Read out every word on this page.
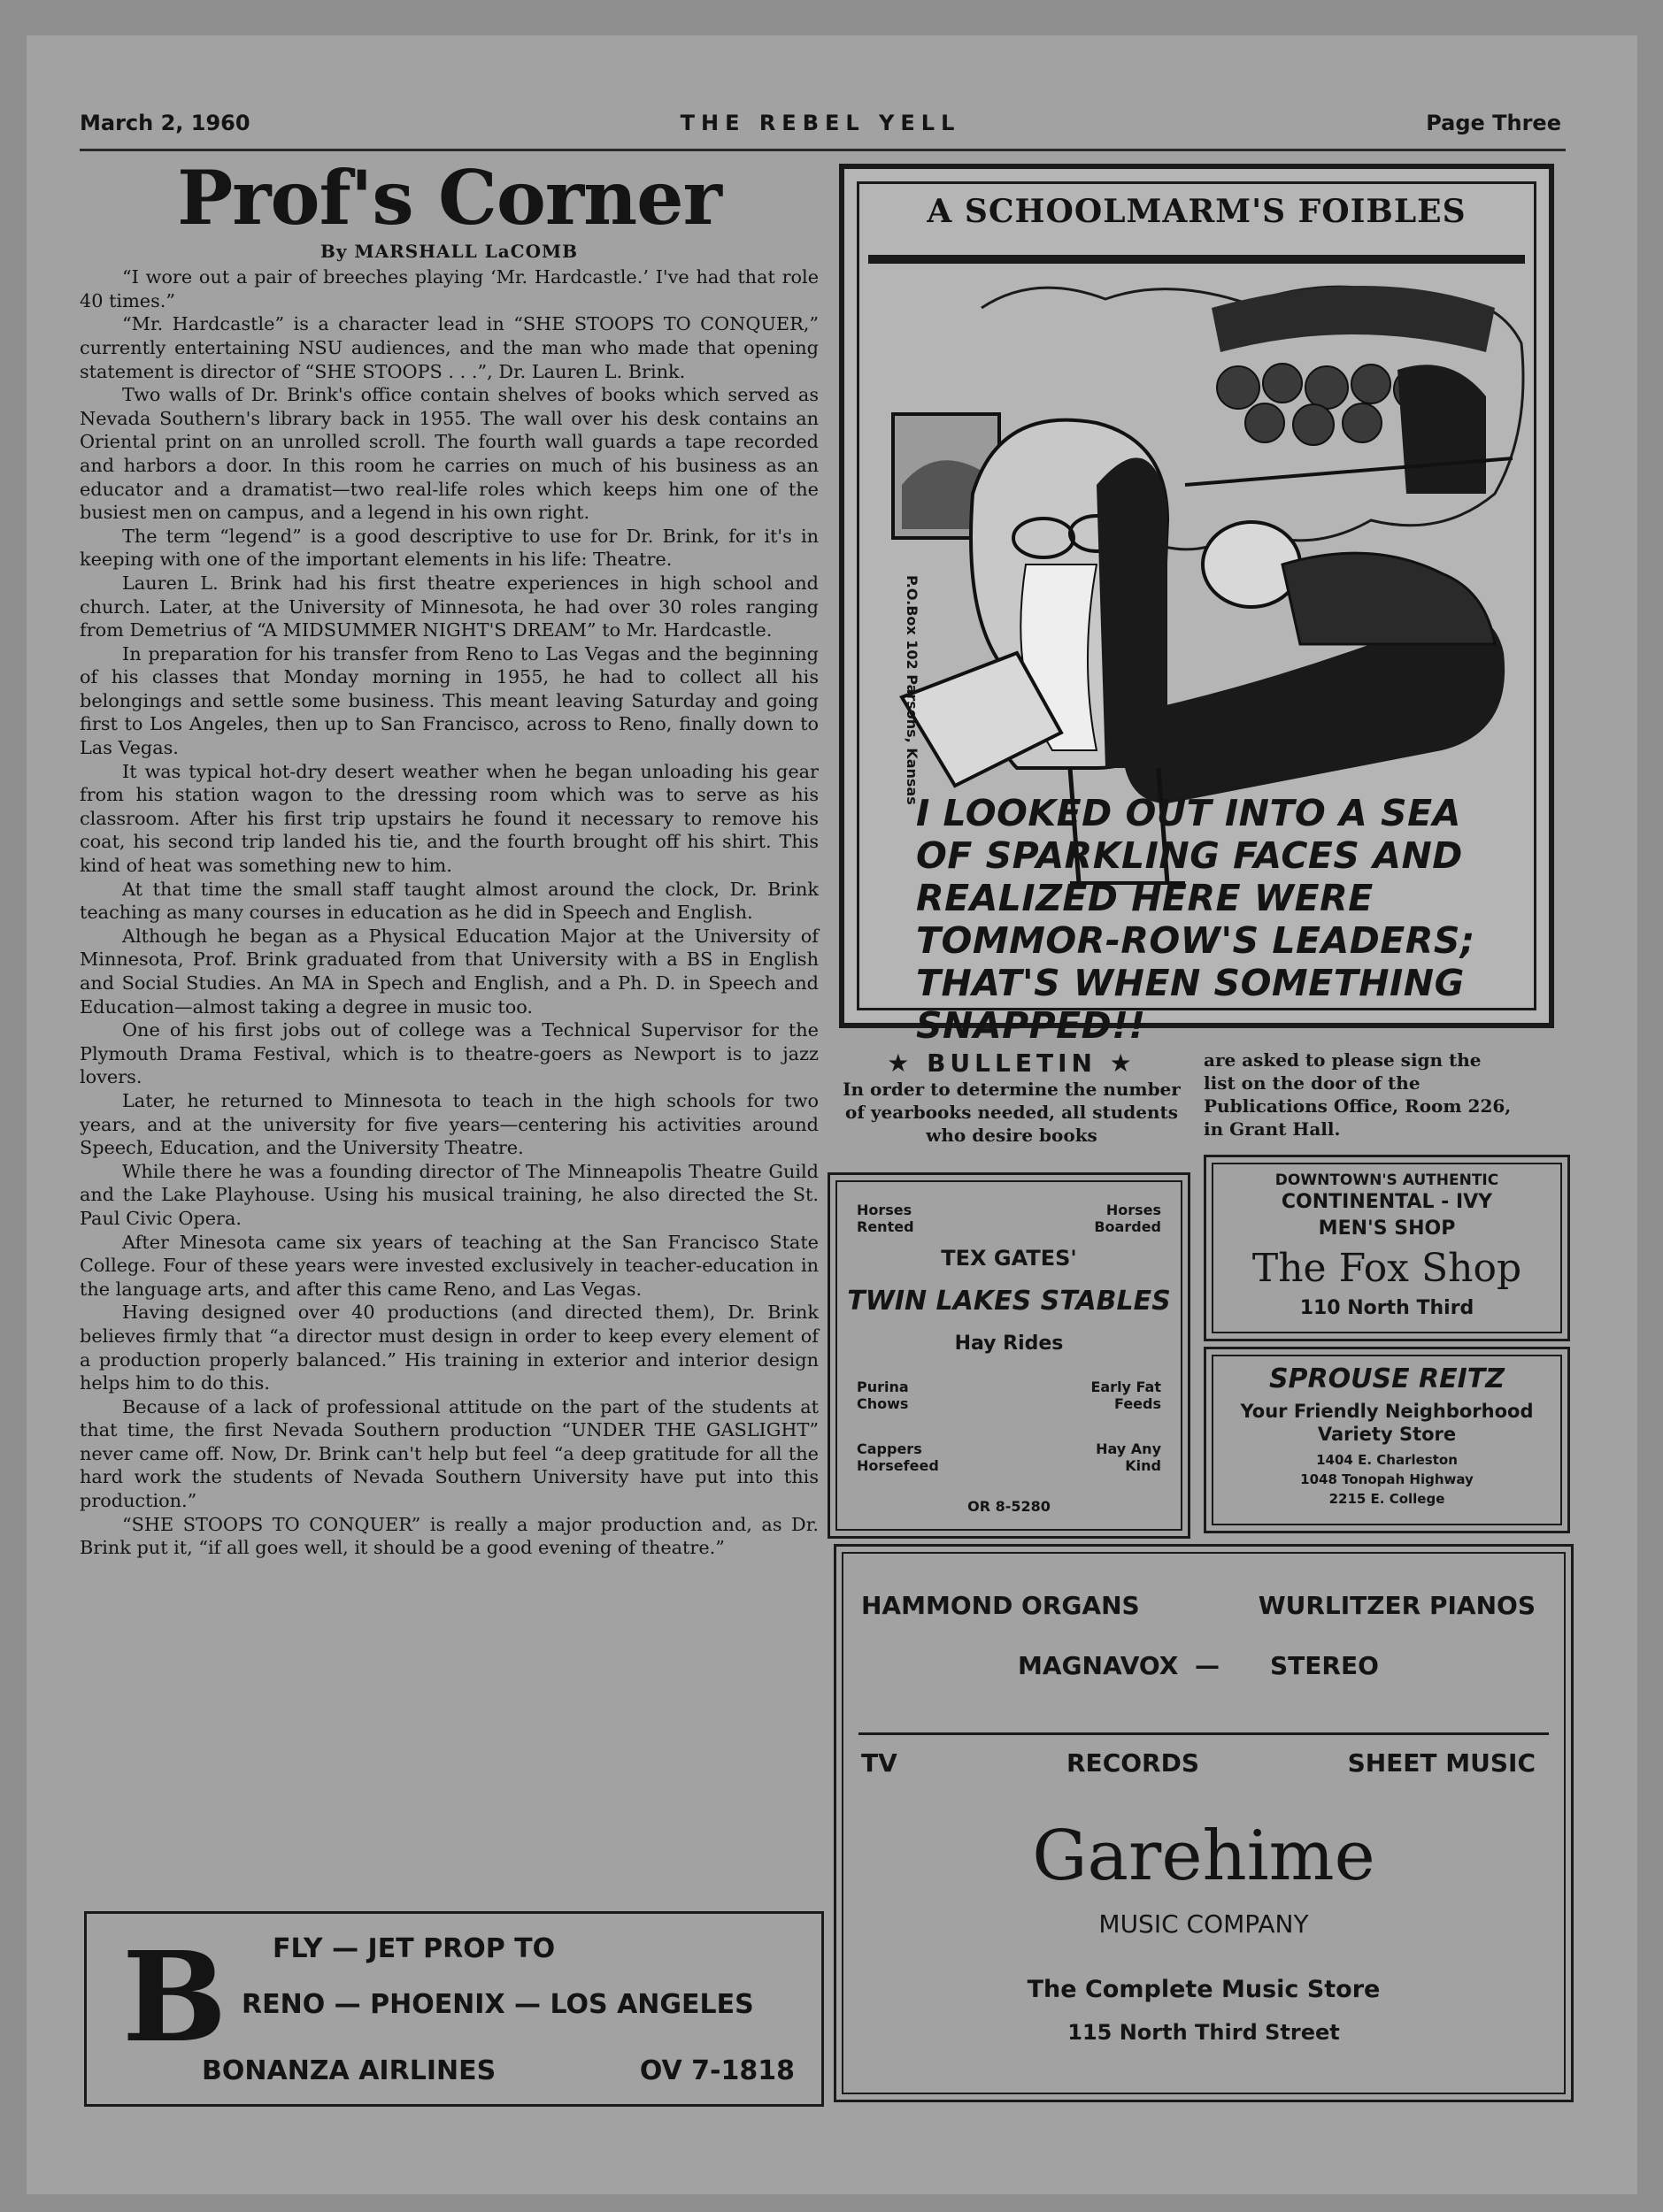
March 2, 1960	THE REBEL YELL	Page Three
Prof's Corner
By MARSHALL LaCOMB

“I wore out a pair of breeches playing ‘Mr. Hardcastle.’ I've had that role 40 times.”

“Mr. Hardcastle” is a character lead in “SHE STOOPS TO CONQUER,” currently entertaining NSU audiences, and the man who made that opening statement is director of “SHE STOOPS . . .”, Dr. Lauren L. Brink.

Two walls of Dr. Brink's office contain shelves of books which served as Nevada Southern's library back in 1955. The wall over his desk contains an Oriental print on an unrolled scroll. The fourth wall guards a tape recorded and harbors a door. In this room he carries on much of his business as an educator and a dramatist—two real-life roles which keeps him one of the busiest men on campus, and a legend in his own right.

The term “legend” is a good descriptive to use for Dr. Brink, for it's in keeping with one of the important elements in his life: Theatre.

Lauren L. Brink had his first theatre experiences in high school and church. Later, at the University of Minnesota, he had over 30 roles ranging from Demetrius of “A MIDSUMMER NIGHT'S DREAM” to Mr. Hardcastle.

In preparation for his transfer from Reno to Las Vegas and the beginning of his classes that Monday morning in 1955, he had to collect all his belongings and settle some business. This meant leaving Saturday and going first to Los Angeles, then up to San Francisco, across to Reno, finally down to Las Vegas.

It was typical hot-dry desert weather when he began unloading his gear from his station wagon to the dressing room which was to serve as his classroom. After his first trip upstairs he found it necessary to remove his coat, his second trip landed his tie, and the fourth brought off his shirt. This kind of heat was something new to him.

At that time the small staff taught almost around the clock, Dr. Brink teaching as many courses in education as he did in Speech and English.

Although he began as a Physical Education Major at the University of Minnesota, Prof. Brink graduated from that University with a BS in English and Social Studies. An MA in Spech and English, and a Ph. D. in Speech and Education—almost taking a degree in music too.

One of his first jobs out of college was a Technical Supervisor for the Plymouth Drama Festival, which is to theatre-goers as Newport is to jazz lovers.

Later, he returned to Minnesota to teach in the high schools for two years, and at the university for five years—centering his activities around Speech, Education, and the University Theatre.

While there he was a founding director of The Minneapolis Theatre Guild and the Lake Playhouse. Using his musical training, he also directed the St. Paul Civic Opera.

After Minesota came six years of teaching at the San Francisco State College. Four of these years were invested exclusively in teacher-education in the language arts, and after this came Reno, and Las Vegas.

Having designed over 40 productions (and directed them), Dr. Brink believes firmly that “a director must design in order to keep every element of a production properly balanced.” His training in exterior and interior design helps him to do this.

Because of a lack of professional attitude on the part of the students at that time, the first Nevada Southern production “UNDER THE GASLIGHT” never came off. Now, Dr. Brink can't help but feel “a deep gratitude for all the hard work the students of Nevada Southern University have put into this production.”

“SHE STOOPS TO CONQUER” is really a major production and, as Dr. Brink put it, “if all goes well, it should be a good evening of theatre.”

A SCHOOLMARM'S FOIBLES
P.O.Box 102 Parsons, Kansas
I LOOKED OUT INTO A SEA OF SPARKLING FACES AND REALIZED HERE WERE TOMMOR-ROW'S LEADERS; THAT'S WHEN SOMETHING SNAPPED!!
★ BULLETIN ★
In order to determine the number of yearbooks needed, all students who desire books
are asked to please sign the list on the door of the Publications Office, Room 226, in Grant Hall.
Horses Rented
Horses Boarded
TEX GATES'
TWIN LAKES STABLES
Hay Rides
Purina Chows
Early Fat Feeds
Cappers Horsefeed
Hay Any Kind
OR 8-5280
DOWNTOWN'S AUTHENTIC
CONTINENTAL - IVY
MEN'S SHOP
The Fox Shop
110 North Third
SPROUSE REITZ
Your Friendly Neighborhood
Variety Store
1404 E. Charleston
1048 Tonopah Highway
2215 E. College
HAMMOND ORGANS	WURLITZER PIANOS
MAGNAVOX — STEREO
TV	RECORDS	SHEET MUSIC
Garehime
MUSIC COMPANY
The Complete Music Store
115 North Third Street
B FLY — JET PROP TO
RENO — PHOENIX — LOS ANGELES
BONANZA AIRLINES	OV 7-1818
